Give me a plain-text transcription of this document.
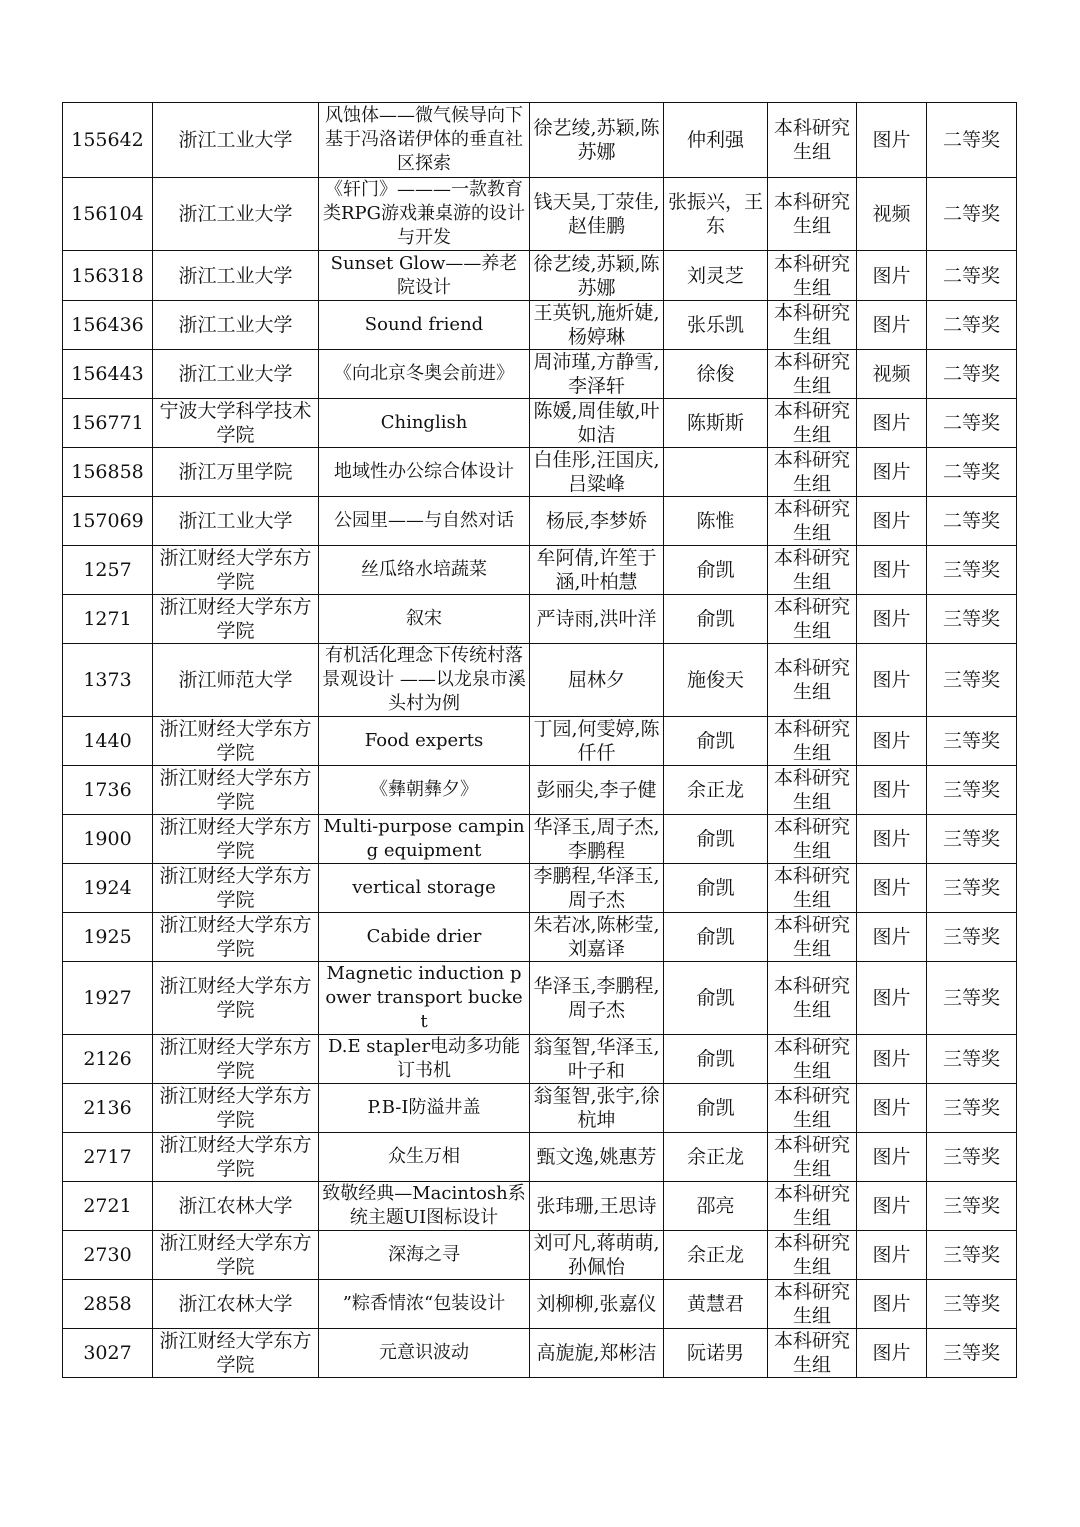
155642	浙江工业大学	风蚀体——微气候导向下基于冯洛诺伊体的垂直社区探索	徐艺绫,苏颖,陈苏娜	仲利强	本科研究生组	图片	二等奖
156104	浙江工业大学	《轩门》———一款教育类RPG游戏兼桌游的设计与开发	钱天昊,丁荥佳,赵佳鹏	张振兴，王东	本科研究生组	视频	二等奖
156318	浙江工业大学	Sunset Glow——养老院设计	徐艺绫,苏颖,陈苏娜	刘灵芝	本科研究生组	图片	二等奖
156436	浙江工业大学	Sound friend	王英钒,施炘婕,杨婷琳	张乐凯	本科研究生组	图片	二等奖
156443	浙江工业大学	《向北京冬奥会前进》	周沛瑾,方静雪,李泽轩	徐俊	本科研究生组	视频	二等奖
156771	宁波大学科学技术学院	Chinglish	陈媛,周佳敏,叶如洁	陈斯斯	本科研究生组	图片	二等奖
156858	浙江万里学院	地域性办公综合体设计	白佳彤,汪国庆,吕粱峰		本科研究生组	图片	二等奖
157069	浙江工业大学	公园里——与自然对话	杨辰,李梦娇	陈惟	本科研究生组	图片	二等奖
1257	浙江财经大学东方学院	丝瓜络水培蔬菜	牟阿倩,许笙于涵,叶柏慧	俞凯	本科研究生组	图片	三等奖
1271	浙江财经大学东方学院	叙宋	严诗雨,洪叶洋	俞凯	本科研究生组	图片	三等奖
1373	浙江师范大学	有机活化理念下传统村落景观设计 ——以龙泉市溪头村为例	屈林夕	施俊天	本科研究生组	图片	三等奖
1440	浙江财经大学东方学院	Food experts	丁园,何雯婷,陈仟仟	俞凯	本科研究生组	图片	三等奖
1736	浙江财经大学东方学院	《彝朝彝夕》	彭丽尖,李子健	余正龙	本科研究生组	图片	三等奖
1900	浙江财经大学东方学院	Multi-purpose camping equipment	华泽玉,周子杰,李鹏程	俞凯	本科研究生组	图片	三等奖
1924	浙江财经大学东方学院	vertical storage	李鹏程,华泽玉,周子杰	俞凯	本科研究生组	图片	三等奖
1925	浙江财经大学东方学院	Cabide drier	朱若冰,陈彬莹,刘嘉译	俞凯	本科研究生组	图片	三等奖
1927	浙江财经大学东方学院	Magnetic induction power transport bucket	华泽玉,李鹏程,周子杰	俞凯	本科研究生组	图片	三等奖
2126	浙江财经大学东方学院	D.E stapler电动多功能订书机	翁玺智,华泽玉,叶子和	俞凯	本科研究生组	图片	三等奖
2136	浙江财经大学东方学院	P.B-I防溢井盖	翁玺智,张宇,徐杭坤	俞凯	本科研究生组	图片	三等奖
2717	浙江财经大学东方学院	众生万相	甄文逸,姚惠芳	余正龙	本科研究生组	图片	三等奖
2721	浙江农林大学	致敬经典—Macintosh系统主题UI图标设计	张玮珊,王思诗	邵亮	本科研究生组	图片	三等奖
2730	浙江财经大学东方学院	深海之寻	刘可凡,蒋萌萌,孙佩怡	余正龙	本科研究生组	图片	三等奖
2858	浙江农林大学	”粽香情浓“包装设计	刘柳柳,张嘉仪	黄慧君	本科研究生组	图片	三等奖
3027	浙江财经大学东方学院	元意识波动	高旎旎,郑彬洁	阮诺男	本科研究生组	图片	三等奖
